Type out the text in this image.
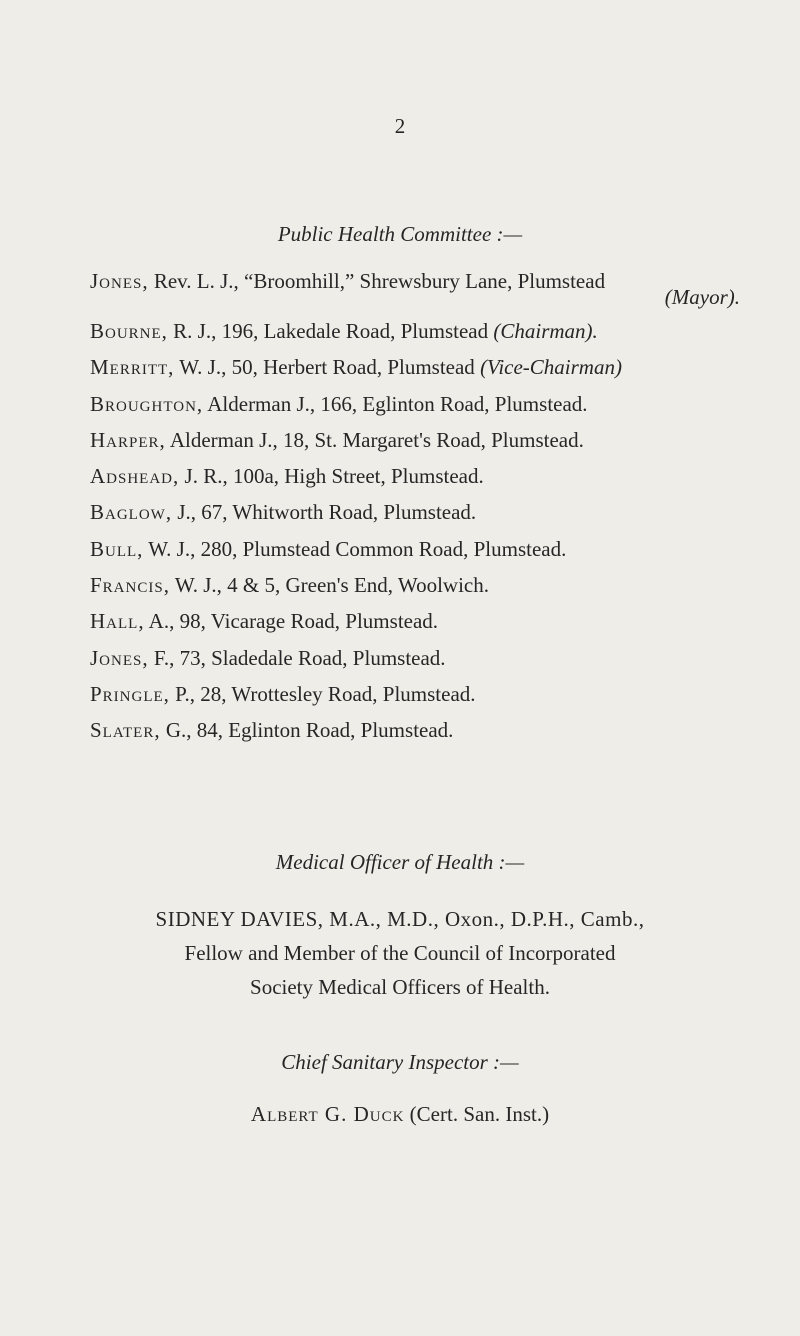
2
Public Health Committee :—
Jones, Rev. L. J., “Broomhill,” Shrewsbury Lane, Plumstead
(Mayor).
Bourne, R. J., 196, Lakedale Road, Plumstead (Chairman).
Merritt, W. J., 50, Herbert Road, Plumstead (Vice-Chairman)
Broughton, Alderman J., 166, Eglinton Road, Plumstead.
Harper, Alderman J., 18, St. Margaret's Road, Plumstead.
Adshead, J. R., 100a, High Street, Plumstead.
Baglow, J., 67, Whitworth Road, Plumstead.
Bull, W. J., 280, Plumstead Common Road, Plumstead.
Francis, W. J., 4 & 5, Green's End, Woolwich.
Hall, A., 98, Vicarage Road, Plumstead.
Jones, F., 73, Sladedale Road, Plumstead.
Pringle, P., 28, Wrottesley Road, Plumstead.
Slater, G., 84, Eglinton Road, Plumstead.
Medical Officer of Health :—
SIDNEY DAVIES, M.A., M.D., Oxon., D.P.H., Camb.,
Fellow and Member of the Council of Incorporated
Society Medical Officers of Health.
Chief Sanitary Inspector :—
Albert G. Duck (Cert. San. Inst.)
